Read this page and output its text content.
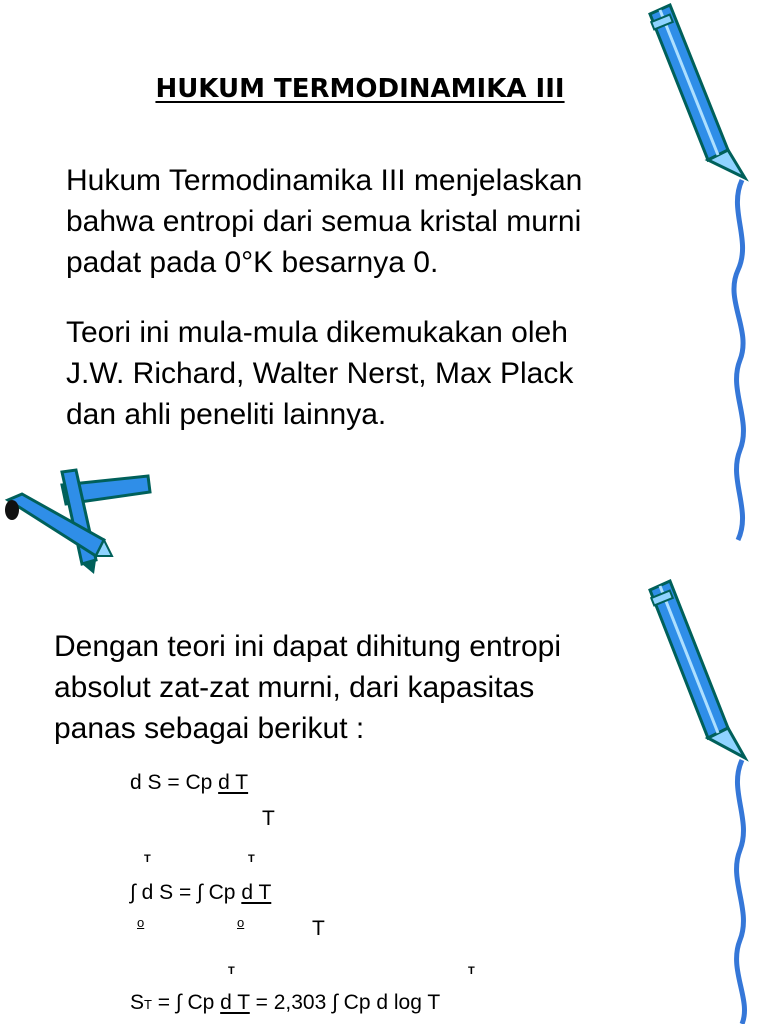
HUKUM TERMODINAMIKA III
Hukum Termodinamika III menjelaskan
bahwa entropi dari semua kristal murni
padat pada 0°K besarnya 0.
Teori ini mula-mula dikemukakan oleh
J.W. Richard, Walter Nerst, Max Plack
dan ahli peneliti lainnya.
Dengan teori ini dapat dihitung entropi
absolut zat-zat murni, dari kapasitas
panas sebagai berikut :
d S = Cp d T
T
T	T
∫ d S = ∫ Cp d T
o	o	T
T	T
ST = ∫ Cp d T = 2,303 ∫ Cp d log T
